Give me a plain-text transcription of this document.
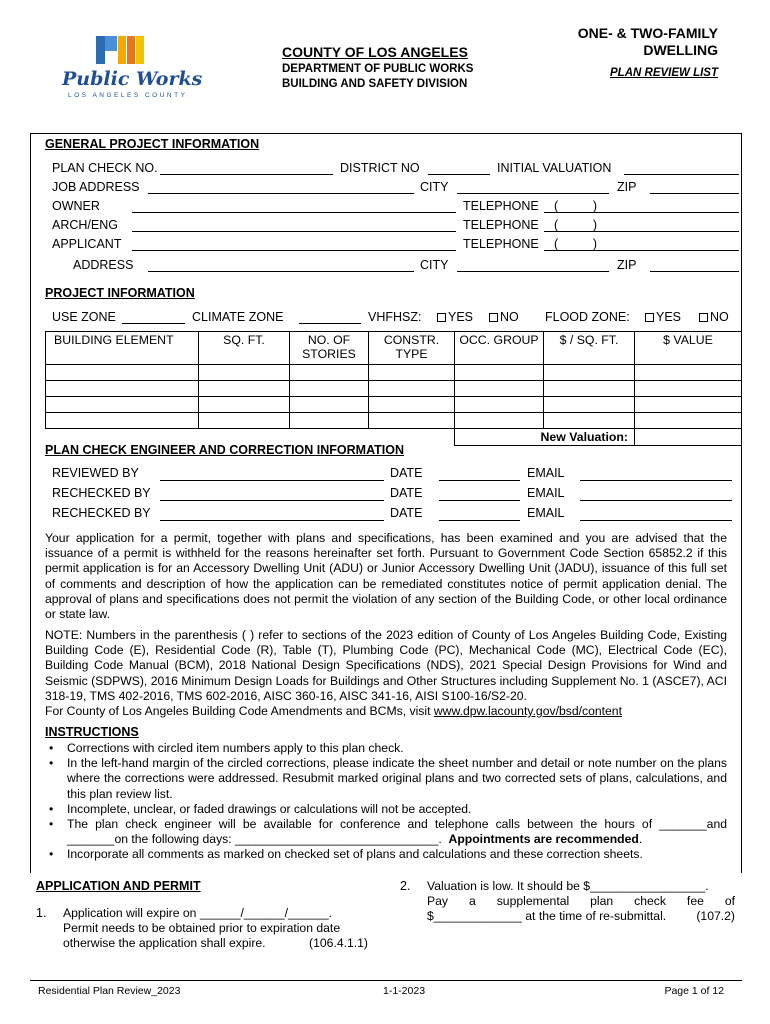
Public Works
LOS ANGELES COUNTY
COUNTY OF LOS ANGELES
DEPARTMENT OF PUBLIC WORKS
BUILDING AND SAFETY DIVISION
ONE- & TWO-FAMILY
DWELLING
PLAN REVIEW LIST
GENERAL PROJECT INFORMATION
PLAN CHECK NO.	DISTRICT NO	INITIAL VALUATION
JOB ADDRESS	CITY	ZIP
OWNER	TELEPHONE (          )
ARCH/ENG	TELEPHONE (          )
APPLICANT	TELEPHONE (          )
ADDRESS	CITY	ZIP
PROJECT INFORMATION
USE ZONE	CLIMATE ZONE	VHFHSZ:	YES	NO FLOOD ZONE:	YES	NO
BUILDING ELEMENT	SQ. FT.	NO. OF STORIES	CONSTR. TYPE	OCC. GROUP	$ / SQ. FT.	$ VALUE

				New Valuation:		
PLAN CHECK ENGINEER AND CORRECTION INFORMATION
REVIEWED BY	DATE	EMAIL
RECHECKED BY	DATE	EMAIL
RECHECKED BY	DATE	EMAIL
Your application for a permit, together with plans and specifications, has been examined and you are advised that the issuance of a permit is withheld for the reasons hereinafter set forth. Pursuant to Government Code Section 65852.2 if this permit application is for an Accessory Dwelling Unit (ADU) or Junior Accessory Dwelling Unit (JADU), issuance of this full set of comments and description of how the application can be remediated constitutes notice of permit application denial. The approval of plans and specifications does not permit the violation of any section of the Building Code, or other local ordinance or state law.
NOTE: Numbers in the parenthesis ( ) refer to sections of the 2023 edition of County of Los Angeles Building Code, Existing Building Code (E), Residential Code (R), Table (T), Plumbing Code (PC), Mechanical Code (MC), Electrical Code (EC), Building Code Manual (BCM), 2018 National Design Specifications (NDS), 2021 Special Design Provisions for Wind and Seismic (SDPWS), 2016 Minimum Design Loads for Buildings and Other Structures including Supplement No. 1 (ASCE7), ACI 318-19, TMS 402-2016, TMS 602-2016, AISC 360-16, AISC 341-16, AISI S100-16/S2-20.
For County of Los Angeles Building Code Amendments and BCMs, visit www.dpw.lacounty.gov/bsd/content
INSTRUCTIONS
• Corrections with circled item numbers apply to this plan check.
• In the left-hand margin of the circled corrections, please indicate the sheet number and detail or note number on the plans where the corrections were addressed. Resubmit marked original plans and two corrected sets of plans, calculations, and this plan review list.
• Incomplete, unclear, or faded drawings or calculations will not be accepted.
• The plan check engineer will be available for conference and telephone calls between the hours of _______and _______on the following days: ______________________________.  Appointments are recommended.
• Incorporate all comments as marked on checked set of plans and calculations and these correction sheets.
APPLICATION AND PERMIT
1. Application will expire on ______/______/______.
Permit needs to be obtained prior to expiration date
otherwise the application shall expire.	(106.4.1.1)
2. Valuation is low. It should be $_________________.
Pay a supplemental plan check fee of
$_____________ at the time of re-submittal. (107.2)
Residential Plan Review_2023	1-1-2023	Page 1 of 12
